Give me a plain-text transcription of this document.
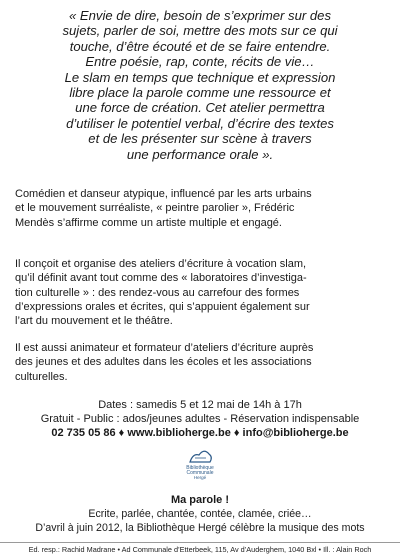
« Envie de dire, besoin de s’exprimer sur des
sujets, parler de soi, mettre des mots sur ce qui
touche, d’être écouté et de se faire entendre.
Entre poésie, rap, conte, récits de vie…
Le slam en temps que technique et expression
libre place la parole comme une ressource et
une force de création. Cet atelier permettra
d’utiliser le potentiel verbal, d’écrire des textes
et de les présenter sur scène à travers
une performance orale ».

Comédien et danseur atypique, influencé par les arts urbains
et le mouvement surréaliste, « peintre parolier », Frédéric
Mendès s’affirme comme un artiste multiple et engagé.

Il conçoit et organise des ateliers d’écriture à vocation slam,
qu’il définit avant tout comme des « laboratoires d’investiga-
tion culturelle » : des rendez-vous au carrefour des formes
d’expressions orales et écrites, qui s’appuient également sur
l’art du mouvement et le théâtre.

Il est aussi animateur et formateur d’ateliers d’écriture auprès
des jeunes et des adultes dans les écoles et les associations
culturelles.

Dates : samedis 5 et 12 mai de 14h à 17h
Gratuit - Public : ados/jeunes adultes - Réservation indispensable
02 735 05 86 ♦ www.biblioherge.be ♦ info@biblioherge.be
Bibliothèque
Communale
Hergé
Ma parole !
Ecrite, parlée, chantée, contée, clamée, criée…
D’avril à juin 2012, la Bibliothèque Hergé célèbre la musique des mots
Ed. resp.: Rachid Madrane • Ad Communale d’Etterbeek, 115, Av d’Auderghem, 1040 Bxl • Ill. : Alain Roch
